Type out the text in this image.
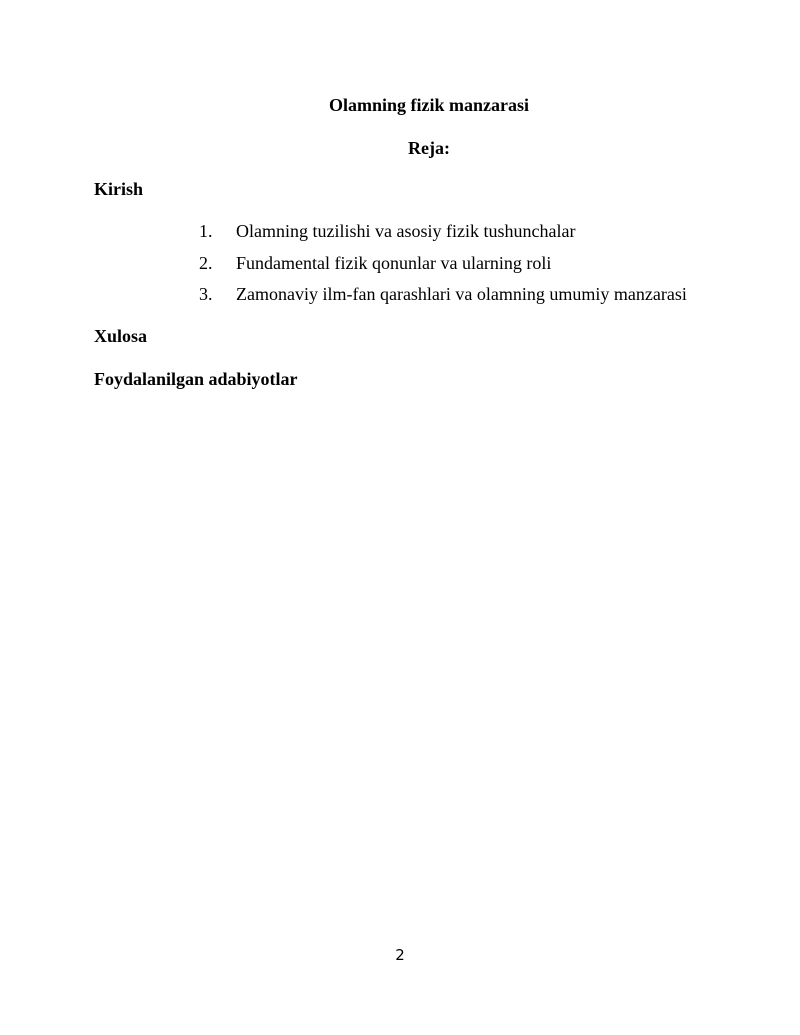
Olamning fizik manzarasi
Reja:
Kirish
1. Olamning tuzilishi va asosiy fizik tushunchalar
2. Fundamental fizik qonunlar va ularning roli
3. Zamonaviy ilm-fan qarashlari va olamning umumiy manzarasi
Xulosa
Foydalanilgan adabiyotlar
2
